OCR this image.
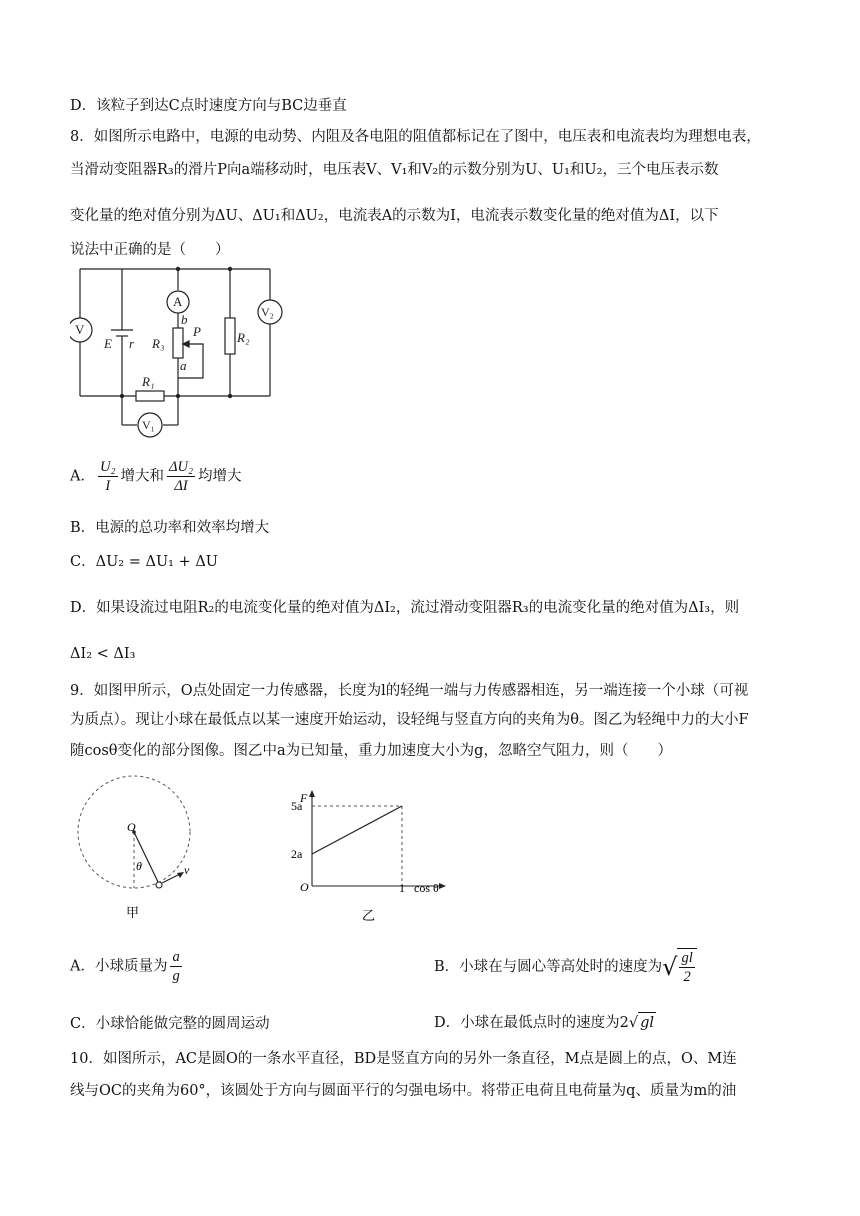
D．该粒子到达C点时速度方向与BC边垂直
8．如图所示电路中，电源的电动势、内阻及各电阻的阻值都标记在了图中，电压表和电流表均为理想电表，
当滑动变阻器R₃的滑片P向a端移动时，电压表V、V₁和V₂的示数分别为U、U₁和U₂，三个电压表示数
变化量的绝对值分别为ΔU、ΔU₁和ΔU₂，电流表A的示数为I，电流表示数变化量的绝对值为ΔI，以下
说法中正确的是（　　）
V
E r
A
b
P
R₃
a
R₂
V₂
R₁
V₁
A． $\frac{\text{U₂}}{I}$ 增大和 $\frac{\text{ΔU₂}}{\Delta I}$ 均增大
B．电源的总功率和效率均增大
C．ΔU₂ = ΔU₁ + ΔU
D．如果设流过电阻R₂的电流变化量的绝对值为ΔI₂，流过滑动变阻器R₃的电流变化量的绝对值为ΔI₃，则
ΔI₂ < ΔI₃
9．如图甲所示，O点处固定一力传感器，长度为l的轻绳一端与力传感器相连，另一端连接一个小球（可视
为质点）。现让小球在最低点以某一速度开始运动，设轻绳与竖直方向的夹角为θ。图乙为轻绳中力的大小F
随cosθ变化的部分图像。图乙中a为已知量，重力加速度大小为g，忽略空气阻力，则（　　）
O
θ	v
甲
F
5a
2a
O	1 cos θ
乙
A．小球质量为 $\frac{a}{g}$	B．小球在与圆心等高处时的速度为√ $\frac{gl}{2}$
C．小球恰能做完整的圆周运动	D．小球在最低点时的速度为2√ gl
10．如图所示，AC是圆O的一条水平直径，BD是竖直方向的另外一条直径，M点是圆上的点，O、M连
线与OC的夹角为60°，该圆处于方向与圆面平行的匀强电场中。将带正电荷且电荷量为q、质量为m的油
